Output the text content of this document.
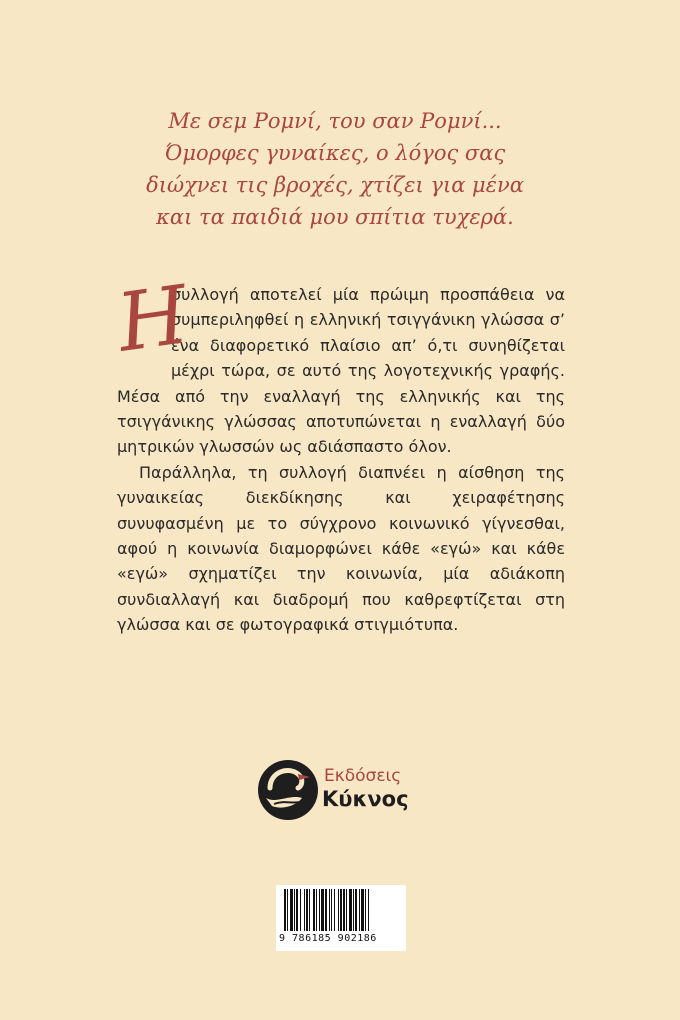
Με σεμ Ρομνί, του σαν Ρομνί...
Όμορφες γυναίκες, ο λόγος σας
διώχνει τις βροχές, χτίζει για μένα
και τα παιδιά μου σπίτια τυχερά.

Η
συλλογή αποτελεί μία πρώιμη προσπάθεια να συμπεριληφθεί η ελληνική τσιγγάνικη γλώσσα σ’ ένα διαφορετικό πλαίσιο απ’ ό,τι συνηθίζεται μέχρι τώρα, σε αυτό της λογοτεχνικής γραφής. Μέσα από την εναλλαγή της ελληνικής και της τσιγγάνικης γλώσσας αποτυπώνεται η εναλλαγή δύο μητρικών γλωσσών ως αδιάσπαστο όλον.

Παράλληλα, τη συλλογή διαπνέει η αίσθηση της γυναικείας διεκδίκησης και χειραφέτησης συνυφασμένη με το σύγχρονο κοινωνικό γίγνεσθαι, αφού η κοινωνία διαμορφώνει κάθε «εγώ» και κάθε «εγώ» σχηματίζει την κοινωνία, μία αδιάκοπη συνδιαλλαγή και διαδρομή που καθρεφτίζεται στη γλώσσα και σε φωτογραφικά στιγμιότυπα.

Εκδόσεις
Κύκνος
9 786185 902186
